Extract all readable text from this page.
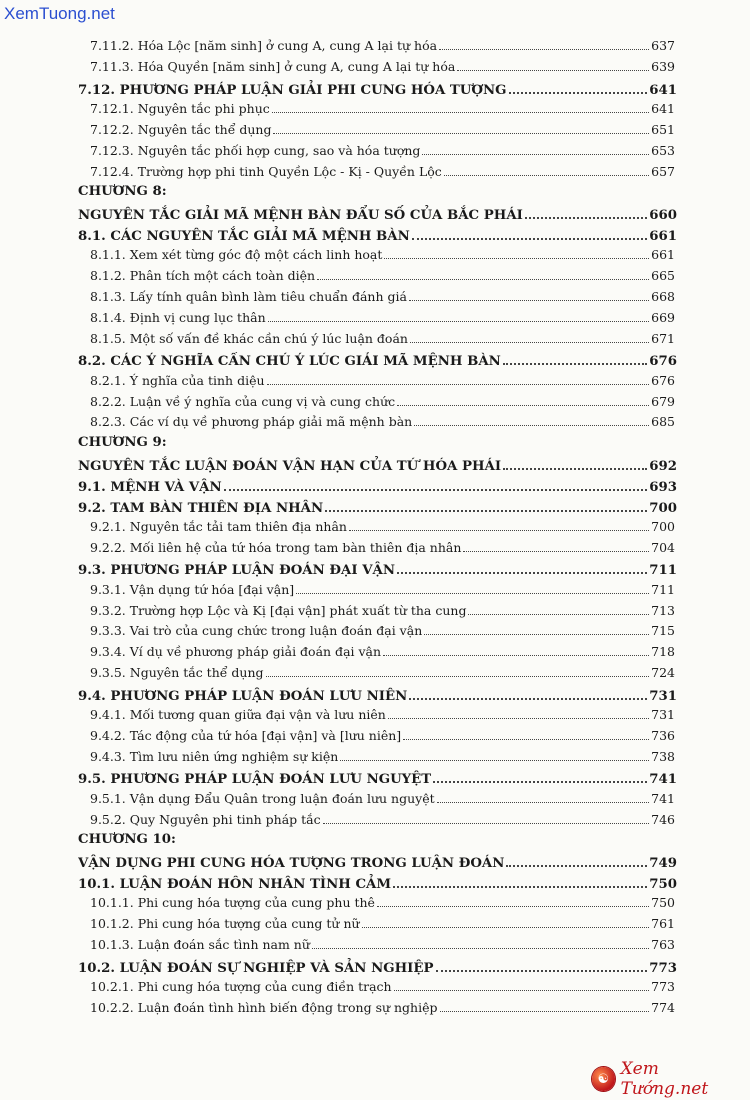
XemTuong.net
7.11.2. Hóa Lộc [năm sinh] ở cung A, cung A lại tự hóa	637
7.11.3. Hóa Quyền [năm sinh] ở cung A, cung A lại tự hóa	639
7.12. PHƯƠNG PHÁP LUẬN GIẢI PHI CUNG HÓA TƯỢNG	641
7.12.1. Nguyên tắc phi phục	641
7.12.2. Nguyên tắc thể dụng	651
7.12.3. Nguyên tắc phối hợp cung, sao và hóa tượng	653
7.12.4. Trường hợp phi tinh Quyền Lộc - Kị - Quyền Lộc	657
CHƯƠNG 8:
NGUYÊN TẮC GIẢI MÃ MỆNH BÀN ĐẨU SỐ CỦA BẮC PHÁI	660
8.1. CÁC NGUYÊN TẮC GIẢI MÃ MỆNH BÀN	661
8.1.1. Xem xét từng góc độ một cách linh hoạt	661
8.1.2. Phân tích một cách toàn diện	665
8.1.3. Lấy tính quân bình làm tiêu chuẩn đánh giá	668
8.1.4. Định vị cung lục thân	669
8.1.5. Một số vấn đề khác cần chú ý lúc luận đoán	671
8.2. CÁC Ý NGHĨA CẦN CHÚ Ý LÚC GIẢI MÃ MỆNH BÀN	676
8.2.1. Ý nghĩa của tinh diệu	676
8.2.2. Luận về ý nghĩa của cung vị và cung chức	679
8.2.3. Các ví dụ về phương pháp giải mã mệnh bàn	685
CHƯƠNG 9:
NGUYÊN TẮC LUẬN ĐOÁN VẬN HẠN CỦA TỨ HÓA PHÁI	692
9.1. MỆNH VÀ VẬN	693
9.2. TAM BÀN THIÊN ĐỊA NHÂN	700
9.2.1. Nguyên tắc tải tam thiên địa nhân	700
9.2.2. Mối liên hệ của tứ hóa trong tam bàn thiên địa nhân	704
9.3. PHƯƠNG PHÁP LUẬN ĐOÁN ĐẠI VẬN	711
9.3.1. Vận dụng tứ hóa [đại vận]	711
9.3.2. Trường hợp Lộc và Kị [đại vận] phát xuất từ tha cung	713
9.3.3. Vai trò của cung chức trong luận đoán đại vận	715
9.3.4. Ví dụ về phương pháp giải đoán đại vận	718
9.3.5. Nguyên tắc thể dụng	724
9.4. PHƯƠNG PHÁP LUẬN ĐOÁN LƯU NIÊN	731
9.4.1. Mối tương quan giữa đại vận và lưu niên	731
9.4.2. Tác động của tứ hóa [đại vận] và [lưu niên]	736
9.4.3. Tìm lưu niên ứng nghiệm sự kiện	738
9.5. PHƯƠNG PHÁP LUẬN ĐOÁN LƯU NGUYỆT	741
9.5.1. Vận dụng Đẩu Quân trong luận đoán lưu nguyệt	741
9.5.2. Quy Nguyên phi tinh pháp tắc	746
CHƯƠNG 10:
VẬN DỤNG PHI CUNG HÓA TƯỢNG TRONG LUẬN ĐOÁN	749
10.1. LUẬN ĐOÁN HÔN NHÂN TÌNH CẢM	750
10.1.1. Phi cung hóa tượng của cung phu thê	750
10.1.2. Phi cung hóa tượng của cung tử nữ	761
10.1.3. Luận đoán sắc tình nam nữ	763
10.2. LUẬN ĐOÁN SỰ NGHIỆP VÀ SẢN NGHIỆP	773
10.2.1. Phi cung hóa tượng của cung điền trạch	773
10.2.2. Luận đoán tình hình biến động trong sự nghiệp	774
☯ Xem Tướng.net
